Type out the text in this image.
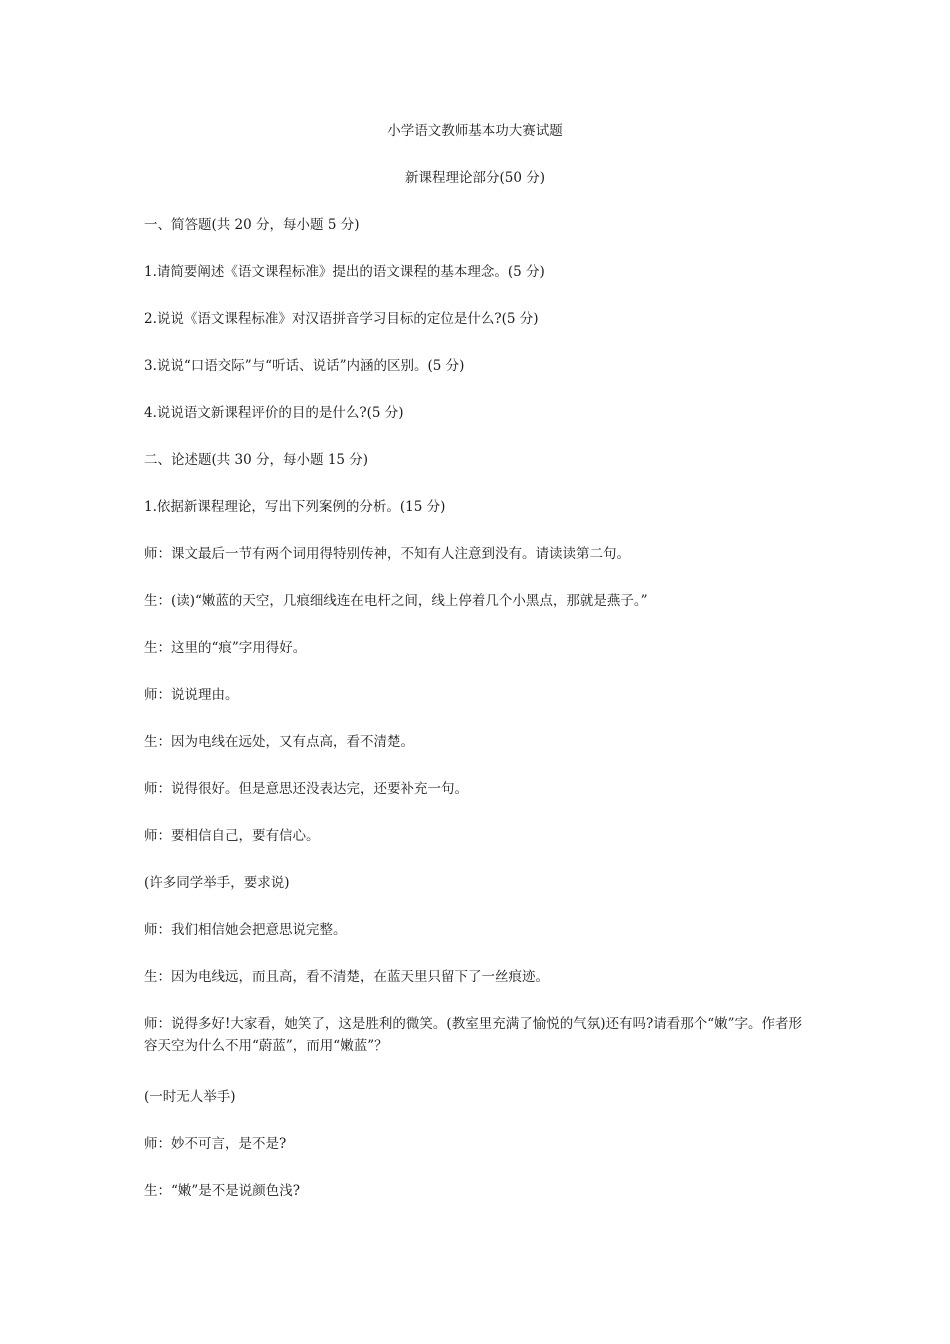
小学语文教师基本功大赛试题
新课程理论部分(50 分)
一、简答题(共 20 分，每小题 5 分)
1.请简要阐述《语文课程标准》提出的语文课程的基本理念。(5 分)
2.说说《语文课程标准》对汉语拼音学习目标的定位是什么?(5 分)
3.说说“口语交际”与“听话、说话”内涵的区别。(5 分)
4.说说语文新课程评价的目的是什么?(5 分)
二、论述题(共 30 分，每小题 15 分)
1.依据新课程理论，写出下列案例的分析。(15 分)
师：课文最后一节有两个词用得特别传神，不知有人注意到没有。请读读第二句。
生：(读)“嫩蓝的天空，几痕细线连在电杆之间，线上停着几个小黑点，那就是燕子。”
生：这里的“痕”字用得好。
师：说说理由。
生：因为电线在远处，又有点高，看不清楚。
师：说得很好。但是意思还没表达完，还要补充一句。
师：要相信自己，要有信心。
(许多同学举手，要求说)
师：我们相信她会把意思说完整。
生：因为电线远，而且高，看不清楚，在蓝天里只留下了一丝痕迹。
师：说得多好!大家看，她笑了，这是胜利的微笑。(教室里充满了愉悦的气氛)还有吗?请看那个“嫩”字。作者形容天空为什么不用“蔚蓝”，而用“嫩蓝”？
(一时无人举手)
师：妙不可言，是不是?
生：“嫩”是不是说颜色浅?
